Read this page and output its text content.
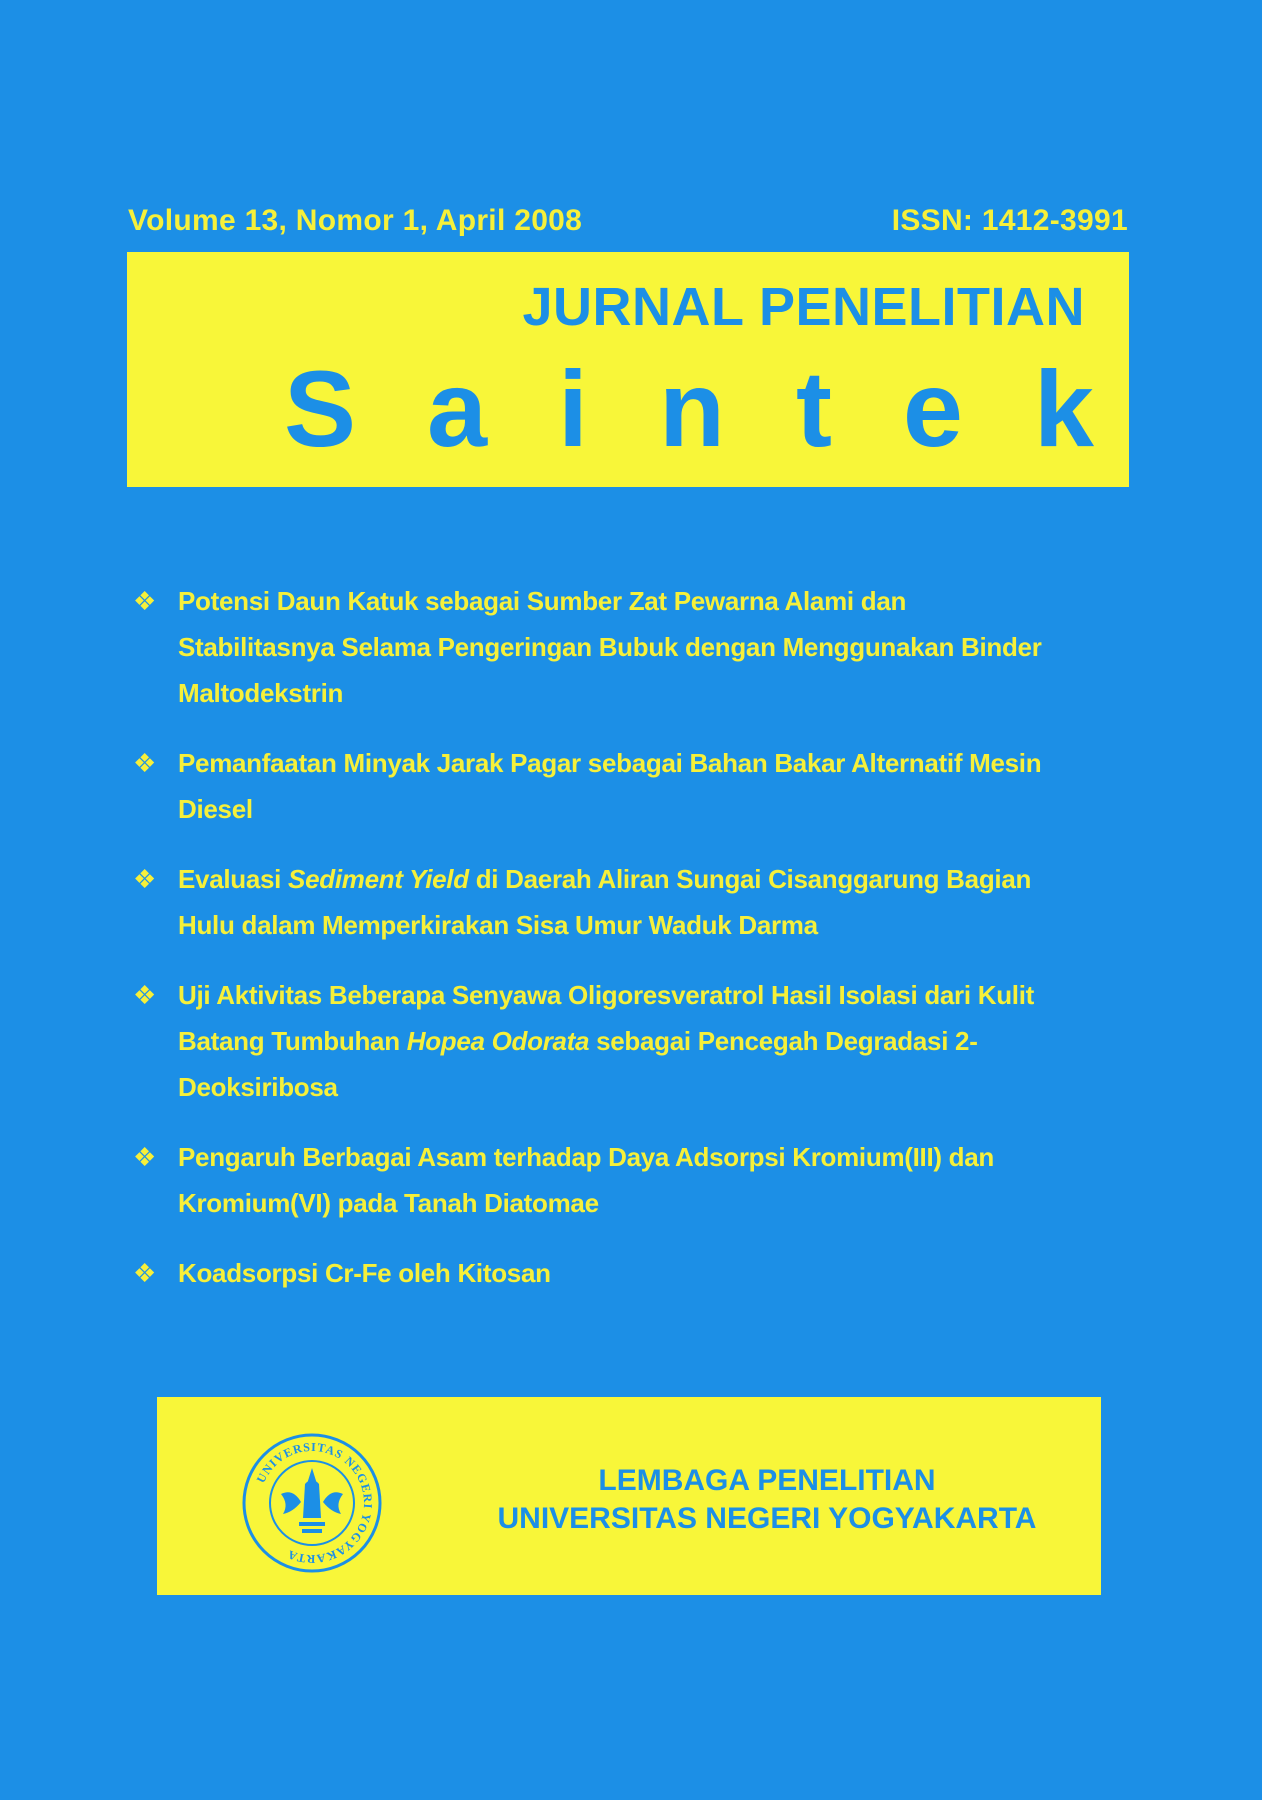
Volume 13, Nomor 1, April 2008	ISSN: 1412-3991
JURNAL PENELITIAN
S a i n t e k
❖ Potensi Daun Katuk sebagai Sumber Zat Pewarna Alami dan Stabilitasnya Selama Pengeringan Bubuk dengan Menggunakan Binder Maltodekstrin
❖ Pemanfaatan Minyak Jarak Pagar sebagai Bahan Bakar Alternatif Mesin Diesel
❖ Evaluasi Sediment Yield di Daerah Aliran Sungai Cisanggarung Bagian Hulu dalam Memperkirakan Sisa Umur Waduk Darma
❖ Uji Aktivitas Beberapa Senyawa Oligoresveratrol Hasil Isolasi dari Kulit Batang Tumbuhan Hopea Odorata sebagai Pencegah Degradasi 2-Deoksiribosa
❖ Pengaruh Berbagai Asam terhadap Daya Adsorpsi Kromium(III) dan Kromium(VI) pada Tanah Diatomae
❖ Koadsorpsi Cr-Fe oleh Kitosan
UNIVERSITAS NEGERI YOGYAKARTA
LEMBAGA PENELITIAN
UNIVERSITAS NEGERI YOGYAKARTA
